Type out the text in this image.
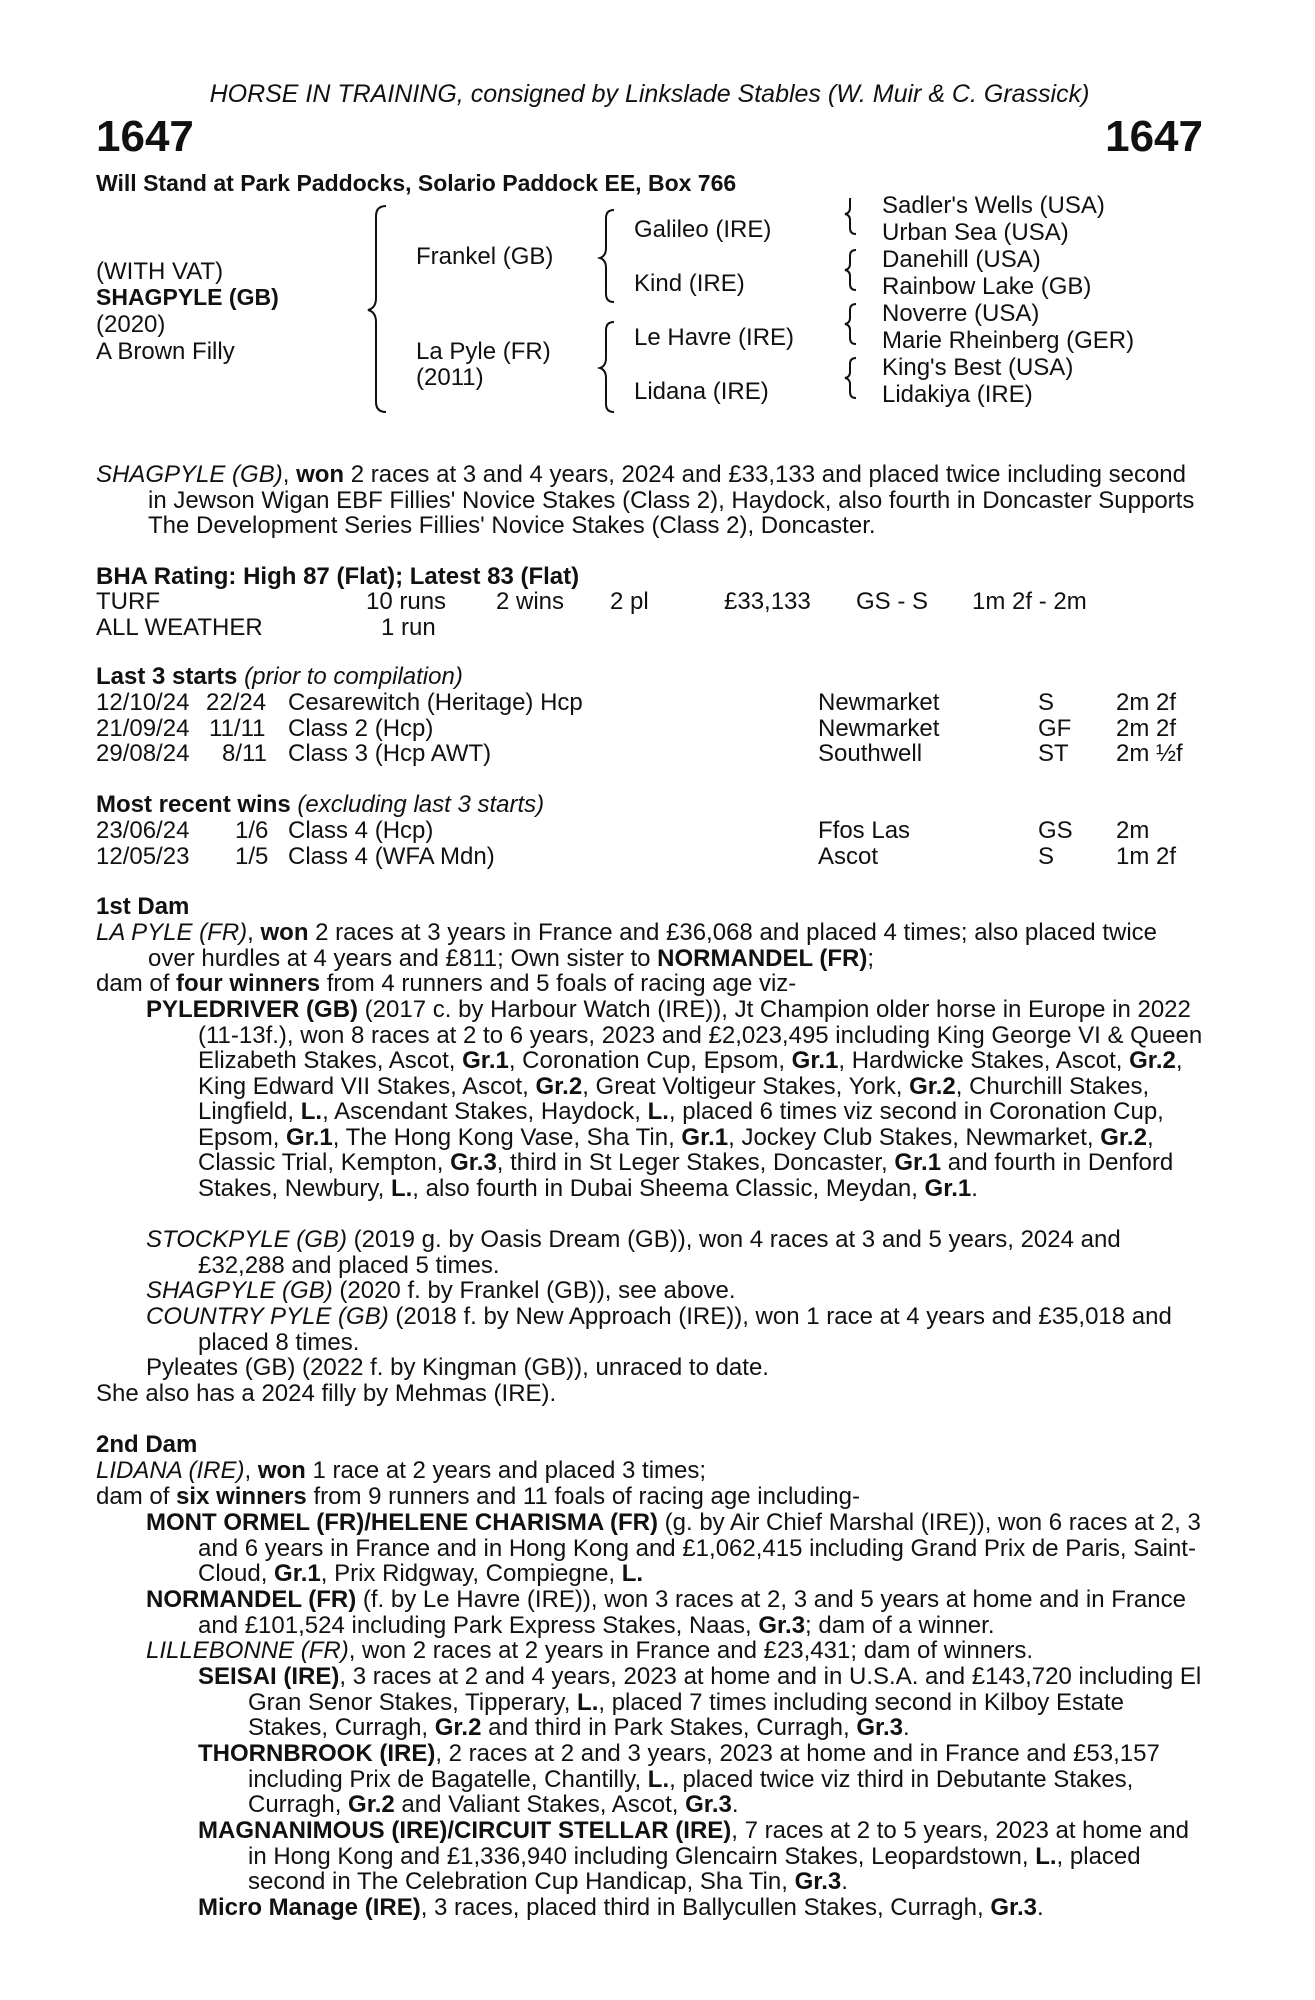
HORSE IN TRAINING, consigned by Linkslade Stables (W. Muir & C. Grassick)
1647	1647
Will Stand at Park Paddocks, Solario Paddock EE, Box 766
(WITH VAT)
SHAGPYLE (GB)
(2020)
A Brown Filly
Frankel (GB)
La Pyle (FR)
(2011)
Galileo (IRE)
Kind (IRE)
Le Havre (IRE)
Lidana (IRE)
Sadler's Wells (USA)
Urban Sea (USA)
Danehill (USA)
Rainbow Lake (GB)
Noverre (USA)
Marie Rheinberg (GER)
King's Best (USA)
Lidakiya (IRE)
SHAGPYLE (GB), won 2 races at 3 and 4 years, 2024 and £33,133 and placed twice including second in Jewson Wigan EBF Fillies' Novice Stakes (Class 2), Haydock, also fourth in Doncaster Supports The Development Series Fillies' Novice Stakes (Class 2), Doncaster.
BHA Rating: High 87 (Flat); Latest 83 (Flat)
TURF	10 runs 2 wins 2 pl	£33,133 GS - S 1m 2f - 2m
ALL WEATHER	1 run
Last 3 starts (prior to compilation)
12/10/24 22/24 Cesarewitch (Heritage) Hcp	Newmarket	S	2m 2f
21/09/24 11/11 Class 2 (Hcp)	Newmarket	GF 2m 2f
29/08/24 8/11 Class 3 (Hcp AWT)	Southwell	ST 2m ½f
Most recent wins (excluding last 3 starts)
23/06/24 1/6 Class 4 (Hcp)	Ffos Las	GS 2m
12/05/23 1/5 Class 4 (WFA Mdn)	Ascot	S	1m 2f
1st Dam
LA PYLE (FR), won 2 races at 3 years in France and £36,068 and placed 4 times; also placed twice over hurdles at 4 years and £811; Own sister to NORMANDEL (FR);
dam of four winners from 4 runners and 5 foals of racing age viz-
PYLEDRIVER (GB) (2017 c. by Harbour Watch (IRE)), Jt Champion older horse in Europe in 2022 (11-13f.), won 8 races at 2 to 6 years, 2023 and £2,023,495 including King George VI & Queen Elizabeth Stakes, Ascot, Gr.1, Coronation Cup, Epsom, Gr.1, Hardwicke Stakes, Ascot, Gr.2, King Edward VII Stakes, Ascot, Gr.2, Great Voltigeur Stakes, York, Gr.2, Churchill Stakes, Lingfield, L., Ascendant Stakes, Haydock, L., placed 6 times viz second in Coronation Cup, Epsom, Gr.1, The Hong Kong Vase, Sha Tin, Gr.1, Jockey Club Stakes, Newmarket, Gr.2, Classic Trial, Kempton, Gr.3, third in St Leger Stakes, Doncaster, Gr.1 and fourth in Denford Stakes, Newbury, L., also fourth in Dubai Sheema Classic, Meydan, Gr.1.
STOCKPYLE (GB) (2019 g. by Oasis Dream (GB)), won 4 races at 3 and 5 years, 2024 and £32,288 and placed 5 times.
SHAGPYLE (GB) (2020 f. by Frankel (GB)), see above.
COUNTRY PYLE (GB) (2018 f. by New Approach (IRE)), won 1 race at 4 years and £35,018 and placed 8 times.
Pyleates (GB) (2022 f. by Kingman (GB)), unraced to date.
She also has a 2024 filly by Mehmas (IRE).
2nd Dam
LIDANA (IRE), won 1 race at 2 years and placed 3 times;
dam of six winners from 9 runners and 11 foals of racing age including-
MONT ORMEL (FR)/HELENE CHARISMA (FR) (g. by Air Chief Marshal (IRE)), won 6 races at 2, 3 and 6 years in France and in Hong Kong and £1,062,415 including Grand Prix de Paris, Saint-Cloud, Gr.1, Prix Ridgway, Compiegne, L.
NORMANDEL (FR) (f. by Le Havre (IRE)), won 3 races at 2, 3 and 5 years at home and in France and £101,524 including Park Express Stakes, Naas, Gr.3; dam of a winner.
LILLEBONNE (FR), won 2 races at 2 years in France and £23,431; dam of winners.
SEISAI (IRE), 3 races at 2 and 4 years, 2023 at home and in U.S.A. and £143,720 including El Gran Senor Stakes, Tipperary, L., placed 7 times including second in Kilboy Estate Stakes, Curragh, Gr.2 and third in Park Stakes, Curragh, Gr.3.
THORNBROOK (IRE), 2 races at 2 and 3 years, 2023 at home and in France and £53,157 including Prix de Bagatelle, Chantilly, L., placed twice viz third in Debutante Stakes, Curragh, Gr.2 and Valiant Stakes, Ascot, Gr.3.
MAGNANIMOUS (IRE)/CIRCUIT STELLAR (IRE), 7 races at 2 to 5 years, 2023 at home and in Hong Kong and £1,336,940 including Glencairn Stakes, Leopardstown, L., placed second in The Celebration Cup Handicap, Sha Tin, Gr.3.
Micro Manage (IRE), 3 races, placed third in Ballycullen Stakes, Curragh, Gr.3.
